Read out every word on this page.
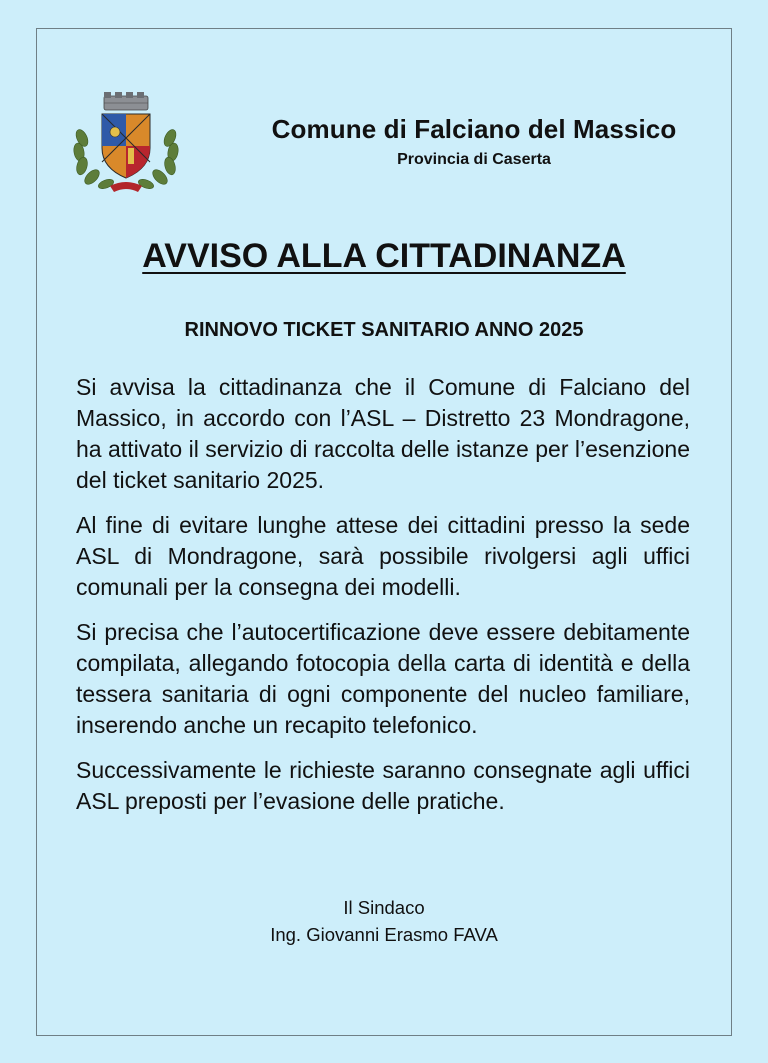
Comune di Falciano del Massico
Provincia di Caserta
AVVISO ALLA CITTADINANZA
RINNOVO TICKET SANITARIO ANNO 2025

Si avvisa la cittadinanza che il Comune di Falciano del Massico, in accordo con l’ASL – Distretto 23 Mondragone, ha attivato il servizio di raccolta delle istanze per l’esenzione del ticket sanitario 2025.

Al fine di evitare lunghe attese dei cittadini presso la sede ASL di Mondragone, sarà possibile rivolgersi agli uffici comunali per la consegna dei modelli.

Si precisa che l’autocertificazione deve essere debitamente compilata, allegando fotocopia della carta di identità e della tessera sanitaria di ogni componente del nucleo familiare, inserendo anche un recapito telefonico.

Successivamente le richieste saranno consegnate agli uffici ASL preposti per l’evasione delle pratiche.

Il Sindaco
Ing. Giovanni Erasmo FAVA
